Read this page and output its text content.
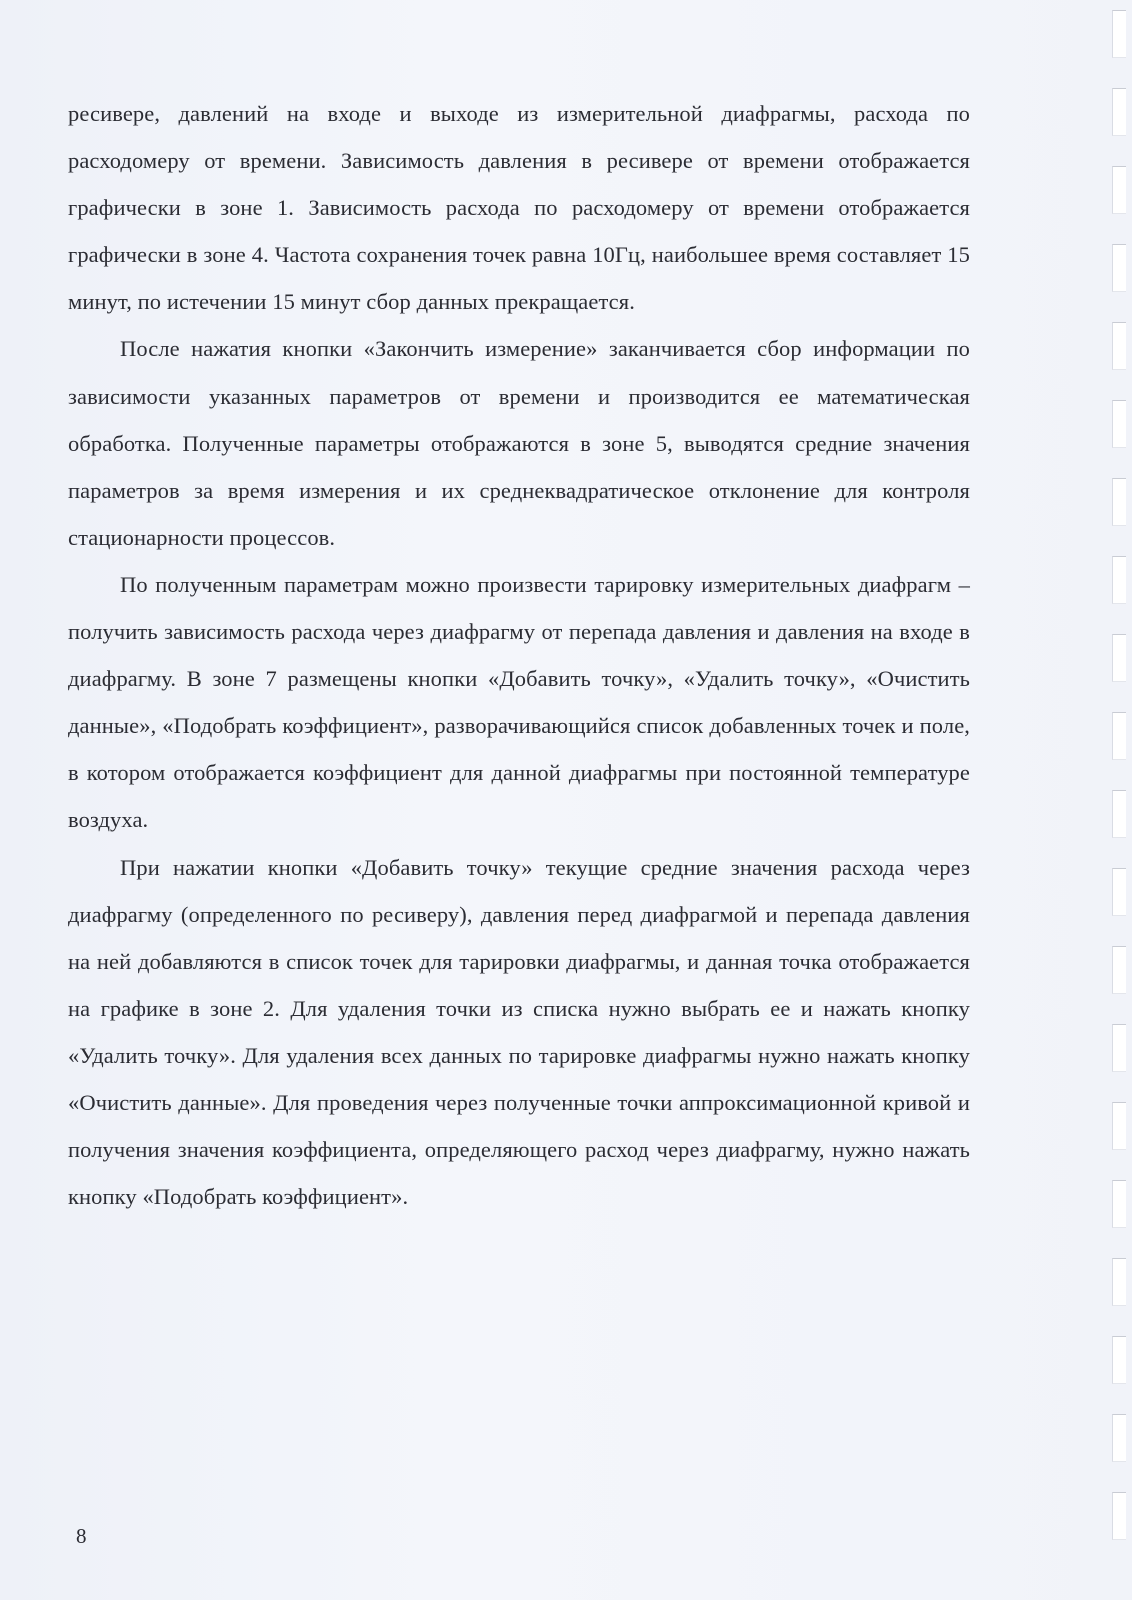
ресивере, давлений на входе и выходе из измерительной диафрагмы, расхода по расходомеру от времени. Зависимость давления в ресивере от времени отображается графически в зоне 1. Зависимость расхода по расходомеру от времени отображается графически в зоне 4. Частота сохранения точек равна 10Гц, наибольшее время составляет 15 минут, по истечении 15 минут сбор данных прекращается.

После нажатия кнопки «Закончить измерение» заканчивается сбор информации по зависимости указанных параметров от времени и производится ее математическая обработка. Полученные параметры отображаются в зоне 5, выводятся средние значения параметров за время измерения и их среднеквадратическое отклонение для контроля стационарности процессов.

По полученным параметрам можно произвести тарировку измерительных диафрагм – получить зависимость расхода через диафрагму от перепада давления и давления на входе в диафрагму. В зоне 7 размещены кнопки «Добавить точку», «Удалить точку», «Очистить данные», «Подобрать коэффициент», разворачивающийся список добавленных точек и поле, в котором отображается коэффициент для данной диафрагмы при постоянной температуре воздуха.

При нажатии кнопки «Добавить точку» текущие средние значения расхода через диафрагму (определенного по ресиверу), давления перед диафрагмой и перепада давления на ней добавляются в список точек для тарировки диафрагмы, и данная точка отображается на графике в зоне 2. Для удаления точки из списка нужно выбрать ее и нажать кнопку «Удалить точку». Для удаления всех данных по тарировке диафрагмы нужно нажать кнопку «Очистить данные». Для проведения через полученные точки аппроксимационной кривой и получения значения коэффициента, определяющего расход через диафрагму, нужно нажать кнопку «Подобрать коэффициент».

8
